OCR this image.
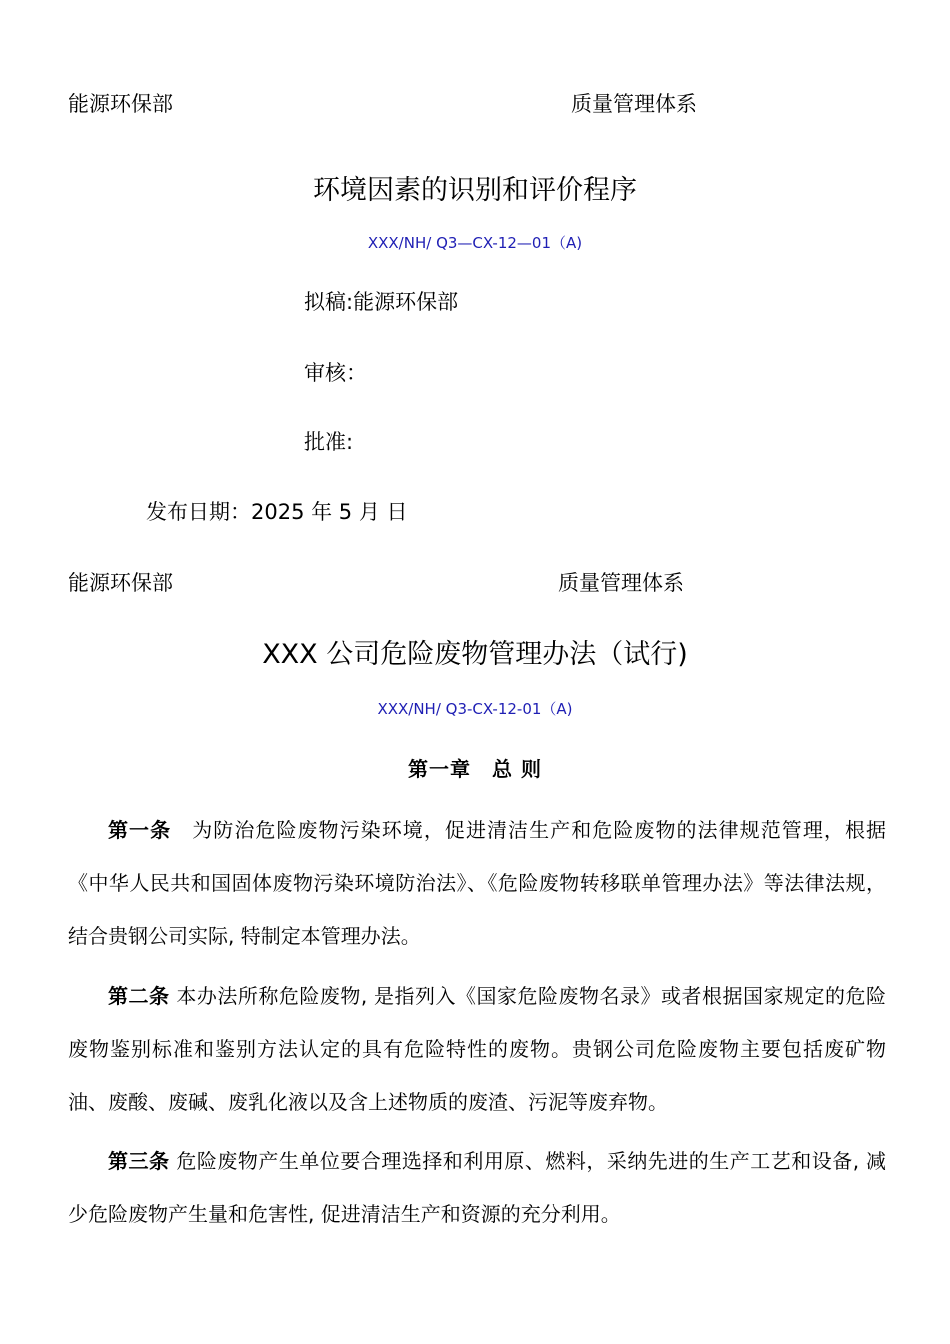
能源环保部	质量管理体系
环境因素的识别和评价程序
XXX/NH/ Q3—CX-12—01（A)
拟稿:能源环保部
审核：
批准:
发布日期：2025 年 5 月 日
能源环保部	质量管理体系
XXX 公司危险废物管理办法（试行)
XXX/NH/ Q3-CX-12-01（A)
第一章　总 则
第一条　为防治危险废物污染环境，促进清洁生产和危险废物的法律规范管理，根据《中华人民共和国固体废物污染环境防治法》、《危险废物转移联单管理办法》等法律法规，结合贵钢公司实际, 特制定本管理办法。
第二条 本办法所称危险废物, 是指列入《国家危险废物名录》或者根据国家规定的危险废物鉴别标准和鉴别方法认定的具有危险特性的废物。贵钢公司危险废物主要包括废矿物油、废酸、废碱、废乳化液以及含上述物质的废渣、污泥等废弃物。
第三条 危险废物产生单位要合理选择和利用原、燃料，采纳先进的生产工艺和设备, 减少危险废物产生量和危害性, 促进清洁生产和资源的充分利用。
